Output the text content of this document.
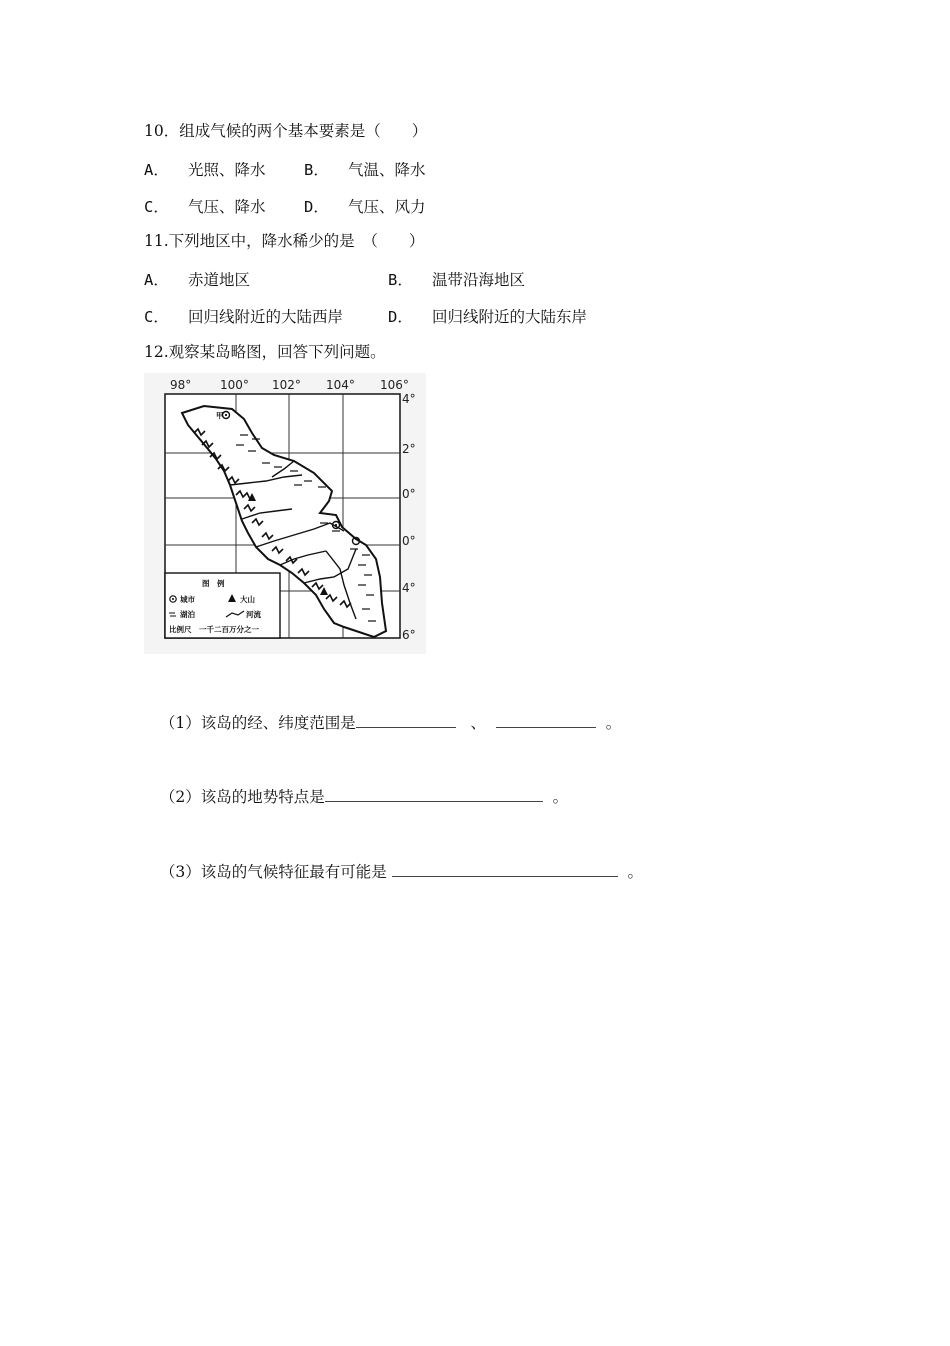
10．组成气候的两个基本要素是（　　）
A． 光照、降水 B． 气温、降水
C． 气压、降水 D． 气压、风力
11.下列地区中，降水稀少的是　（　　）
A． 赤道地区	B． 温带沿海地区
C． 回归线附近的大陆西岸	D． 回归线附近的大陆东岸
12.观察某岛略图，回答下列问题。
98° 100° 102° 104° 106°
4°
2°
0°
0°
4°
6°
甲
图　例
城市	大山
湖泊	河流
比例尺　一千二百万分之一

（1）该岛的经、纬度范围是	、	。

（2）该岛的地势特点是	。

（3）该岛的气候特征最有可能是	。
